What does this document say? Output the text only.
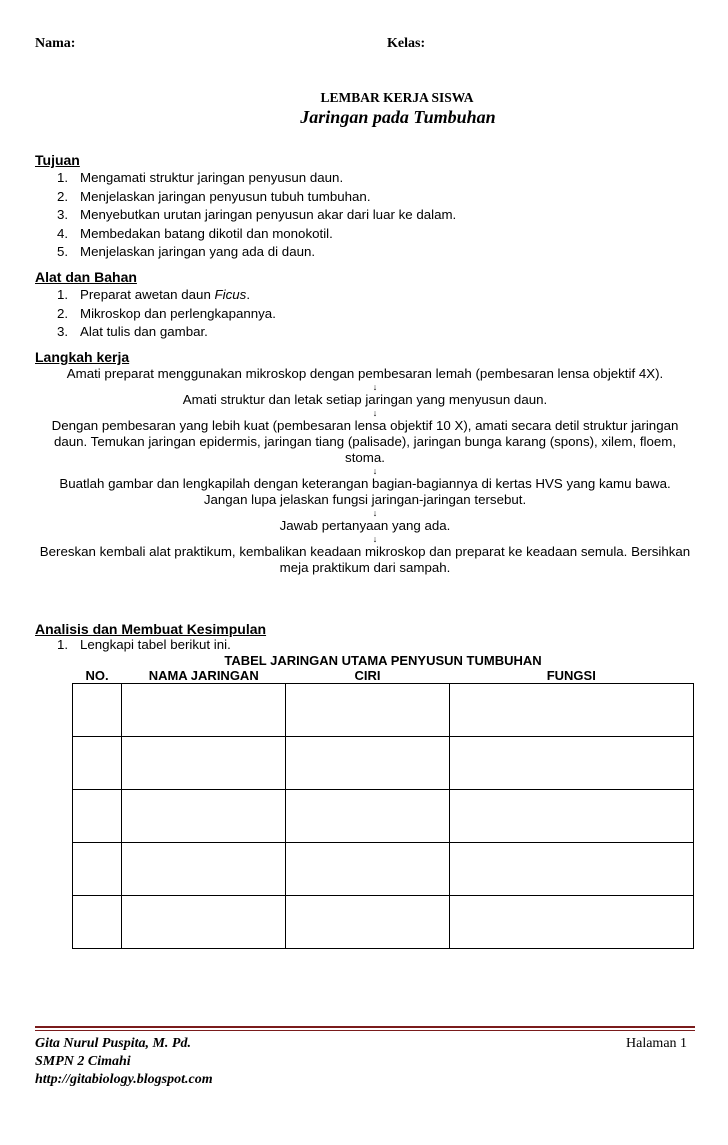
Nama:	Kelas:
LEMBAR KERJA SISWA
Jaringan pada Tumbuhan
Tujuan
1. Mengamati struktur jaringan penyusun daun.
2. Menjelaskan jaringan penyusun tubuh tumbuhan.
3. Menyebutkan urutan jaringan penyusun akar dari luar ke dalam.
4. Membedakan batang dikotil dan monokotil.
5. Menjelaskan jaringan yang ada di daun.
Alat dan Bahan
1. Preparat awetan daun Ficus.
2. Mikroskop dan perlengkapannya.
3. Alat tulis dan gambar.
Langkah kerja
Amati preparat menggunakan mikroskop dengan pembesaran lemah (pembesaran lensa objektif 4X).
↓
Amati struktur dan letak setiap jaringan yang menyusun daun.
↓
Dengan pembesaran yang lebih kuat (pembesaran lensa objektif 10 X), amati secara detil struktur jaringan
daun. Temukan jaringan epidermis, jaringan tiang (palisade), jaringan bunga karang (spons), xilem, floem,
stoma.
↓
Buatlah gambar dan lengkapilah dengan keterangan bagian-bagiannya di kertas HVS yang kamu bawa.
Jangan lupa jelaskan fungsi jaringan-jaringan tersebut.
↓
Jawab pertanyaan yang ada.
↓
Bereskan kembali alat praktikum, kembalikan keadaan mikroskop dan preparat ke keadaan semula. Bersihkan
meja praktikum dari sampah.
Analisis dan Membuat Kesimpulan
1. Lengkapi tabel berikut ini.
TABEL JARINGAN UTAMA PENYUSUN TUMBUHAN
NO.	NAMA JARINGAN	CIRI	FUNGSI

Gita Nurul Puspita, M. Pd.
SMPN 2 Cimahi
http://gitabiology.blogspot.com
Halaman 1
